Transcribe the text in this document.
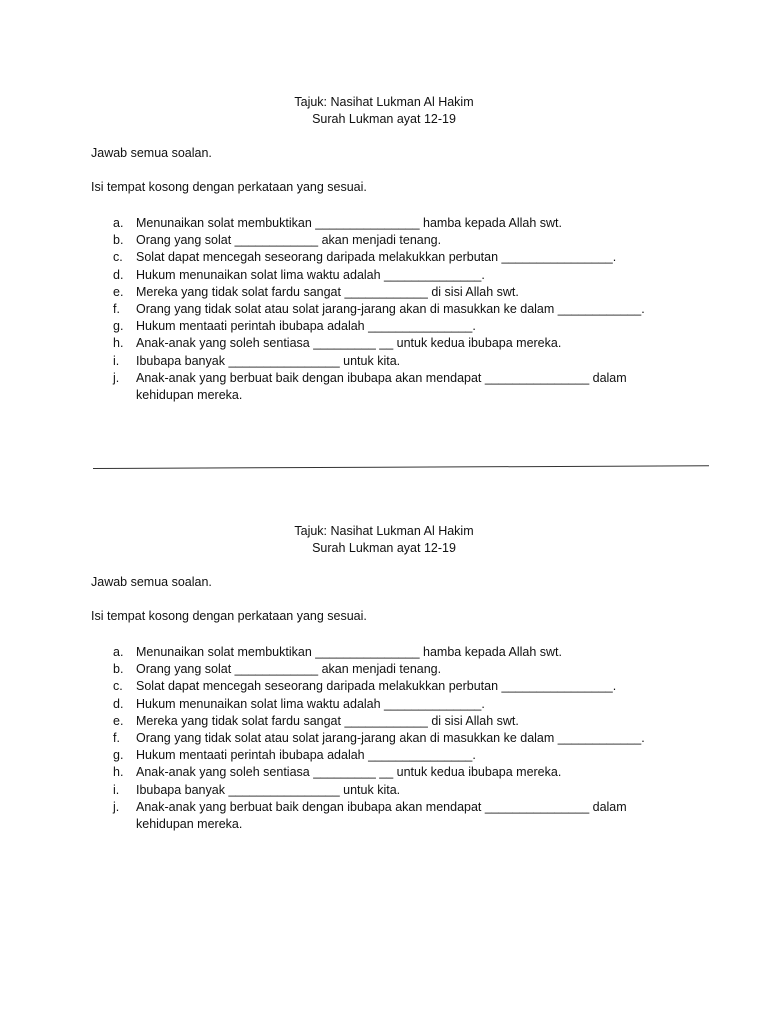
Tajuk: Nasihat Lukman Al Hakim
Surah Lukman ayat 12-19
Jawab semua soalan.
Isi tempat kosong dengan perkataan yang sesuai.
a. Menunaikan solat membuktikan _______________ hamba kepada Allah swt.
b. Orang yang solat ____________ akan menjadi tenang.
c. Solat dapat mencegah seseorang daripada melakukkan perbutan ________________.
d. Hukum menunaikan solat lima waktu adalah ______________.
e. Mereka yang tidak solat fardu sangat ____________ di sisi Allah swt.
f. Orang yang tidak solat atau solat jarang-jarang akan di masukkan ke dalam ____________.
g. Hukum mentaati perintah ibubapa adalah _______________.
h. Anak-anak yang soleh sentiasa _________ __ untuk kedua ibubapa mereka.
i. Ibubapa banyak ________________ untuk kita.
j. Anak-anak yang berbuat baik dengan ibubapa akan mendapat _______________ dalam kehidupan mereka.
Tajuk: Nasihat Lukman Al Hakim
Surah Lukman ayat 12-19
Jawab semua soalan.
Isi tempat kosong dengan perkataan yang sesuai.
a. Menunaikan solat membuktikan _______________ hamba kepada Allah swt.
b. Orang yang solat ____________ akan menjadi tenang.
c. Solat dapat mencegah seseorang daripada melakukkan perbutan ________________.
d. Hukum menunaikan solat lima waktu adalah ______________.
e. Mereka yang tidak solat fardu sangat ____________ di sisi Allah swt.
f. Orang yang tidak solat atau solat jarang-jarang akan di masukkan ke dalam ____________.
g. Hukum mentaati perintah ibubapa adalah _______________.
h. Anak-anak yang soleh sentiasa _________ __ untuk kedua ibubapa mereka.
i. Ibubapa banyak ________________ untuk kita.
j. Anak-anak yang berbuat baik dengan ibubapa akan mendapat _______________ dalam kehidupan mereka.
